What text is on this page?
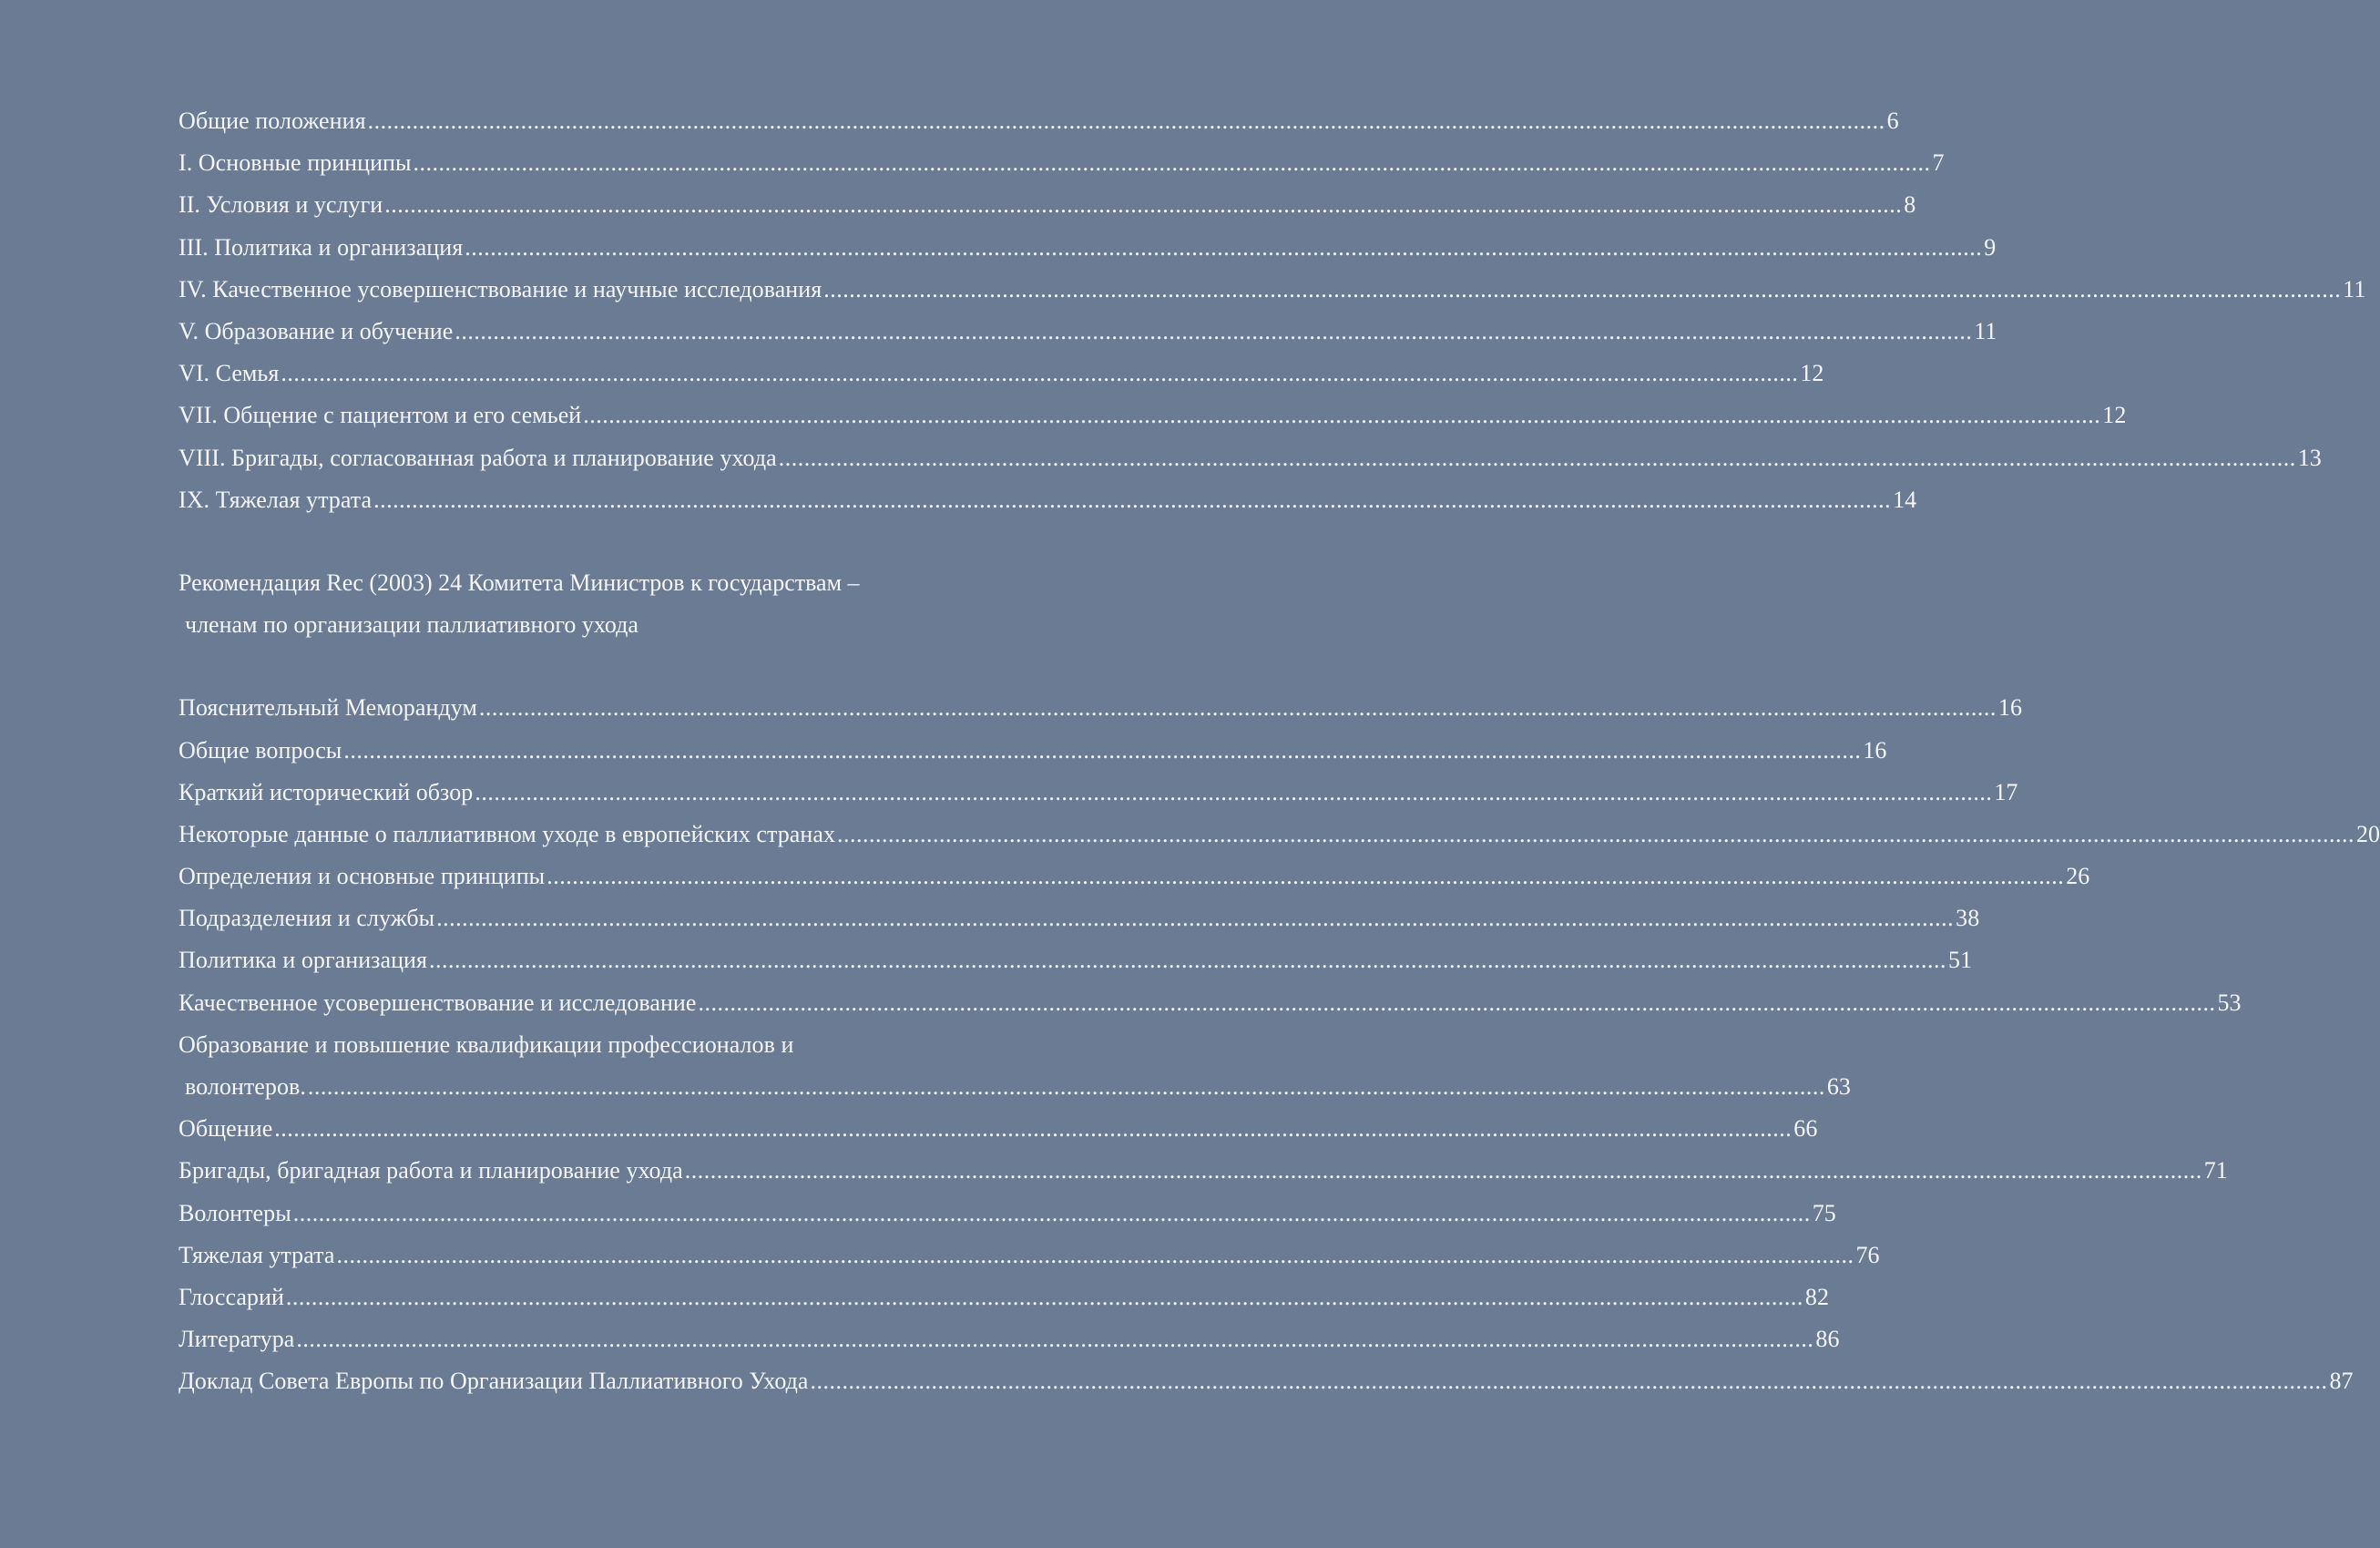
Общие положения .....	6
I. Основные принципы .....	7
II. Условия и услуги .....	8
III. Политика и организация .....	9
IV. Качественное усовершенствование и научные исследования .....	11
V. Образование и обучение .....	11
VI. Семья .....	12
VII. Общение с пациентом и его семьей .....	12
VIII. Бригады, согласованная работа и планирование ухода .....	13
IX. Тяжелая утрата .....	14
Рекомендация Rec (2003) 24 Комитета Министров к государствам –
членам по организации паллиативного ухода
Пояснительный Меморандум .....	16
Общие вопросы .....	16
Краткий исторический обзор .....	17
Некоторые данные о паллиативном уходе в европейских странах .....	20
Определения и основные принципы .....	26
Подразделения и службы .....	38
Политика и организация .....	51
Качественное усовершенствование и исследование .....	53
Образование и повышение квалификации профессионалов и
волонтеров. .....	63
Общение .....	66
Бригады, бригадная работа и планирование ухода .....	71
Волонтеры .....	75
Тяжелая утрата .....	76
Глоссарий .....	82
Литература .....	86
Доклад Совета Европы по Организации Паллиативного Ухода .....	87
